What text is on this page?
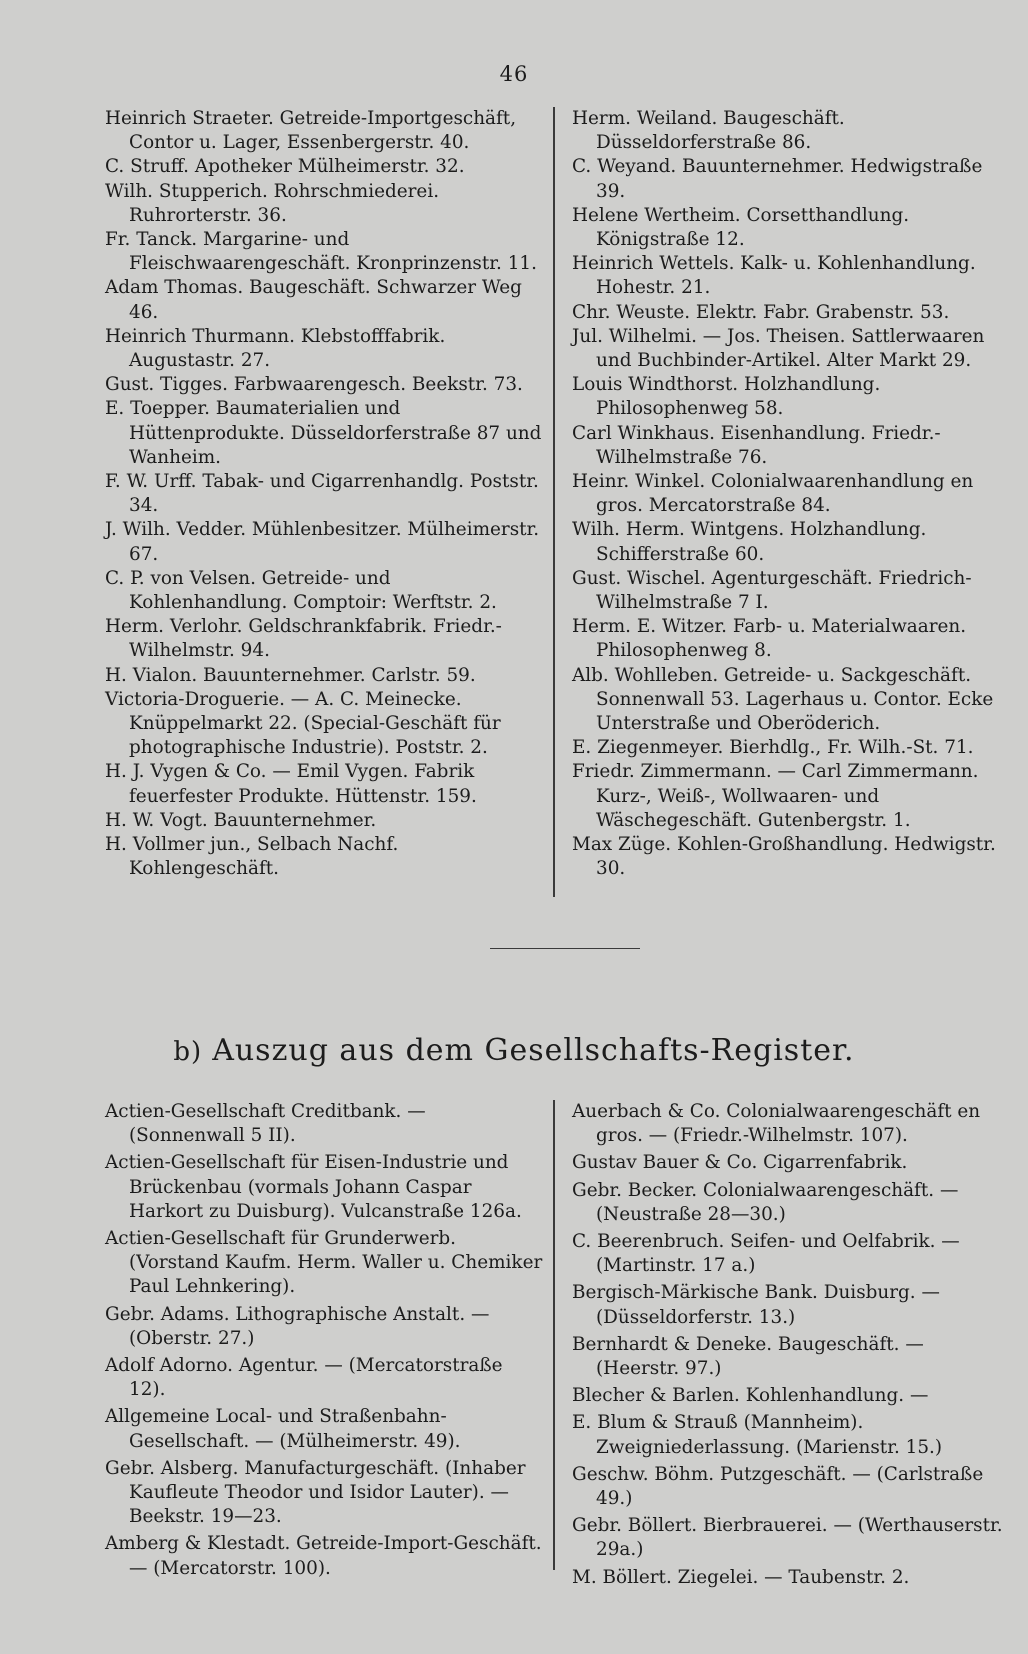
46

Heinrich Straeter. Getreide-Importgeschäft, Contor u. Lager, Essenbergerstr. 40.

C. Struff. Apotheker Mülheimerstr. 32.

Wilh. Stupperich. Rohrschmiederei. Ruhrorterstr. 36.

Fr. Tanck. Margarine- und Fleischwaarengeschäft. Kronprinzenstr. 11.

Adam Thomas. Baugeschäft. Schwarzer Weg 46.

Heinrich Thurmann. Klebstofffabrik. Augustastr. 27.

Gust. Tigges. Farbwaarengesch. Beekstr. 73.

E. Toepper. Baumaterialien und Hüttenprodukte. Düsseldorferstraße 87 und Wanheim.

F. W. Urff. Tabak- und Cigarrenhandlg. Poststr. 34.

J. Wilh. Vedder. Mühlenbesitzer. Mülheimerstr. 67.

C. P. von Velsen. Getreide- und Kohlenhandlung. Comptoir: Werftstr. 2.

Herm. Verlohr. Geldschrankfabrik. Friedr.-Wilhelmstr. 94.

H. Vialon. Bauunternehmer. Carlstr. 59.

Victoria-Droguerie. — A. C. Meinecke. Knüppelmarkt 22. (Special-Geschäft für photographische Industrie). Poststr. 2.

H. J. Vygen & Co. — Emil Vygen. Fabrik feuerfester Produkte. Hüttenstr. 159.

H. W. Vogt. Bauunternehmer.

H. Vollmer jun., Selbach Nachf. Kohlengeschäft.

Herm. Weiland. Baugeschäft. Düsseldorferstraße 86.

C. Weyand. Bauunternehmer. Hedwigstraße 39.

Helene Wertheim. Corsetthandlung. Königstraße 12.

Heinrich Wettels. Kalk- u. Kohlenhandlung. Hohestr. 21.

Chr. Weuste. Elektr. Fabr. Grabenstr. 53.

Jul. Wilhelmi. — Jos. Theisen. Sattlerwaaren und Buchbinder-Artikel. Alter Markt 29.

Louis Windthorst. Holzhandlung. Philosophenweg 58.

Carl Winkhaus. Eisenhandlung. Friedr.-Wilhelmstraße 76.

Heinr. Winkel. Colonialwaarenhandlung en gros. Mercatorstraße 84.

Wilh. Herm. Wintgens. Holzhandlung. Schifferstraße 60.

Gust. Wischel. Agenturgeschäft. Friedrich-Wilhelmstraße 7 I.

Herm. E. Witzer. Farb- u. Materialwaaren. Philosophenweg 8.

Alb. Wohlleben. Getreide- u. Sackgeschäft. Sonnenwall 53. Lagerhaus u. Contor. Ecke Unterstraße und Oberöderich.

E. Ziegenmeyer. Bierhdlg., Fr. Wilh.-St. 71.

Friedr. Zimmermann. — Carl Zimmermann. Kurz-, Weiß-, Wollwaaren- und Wäschegeschäft. Gutenbergstr. 1.

Max Züge. Kohlen-Großhandlung. Hedwigstr. 30.

b) Auszug aus dem Gesellschafts-Register.

Actien-Gesellschaft Creditbank. — (Sonnenwall 5 II).

Actien-Gesellschaft für Eisen-Industrie und Brückenbau (vormals Johann Caspar Harkort zu Duisburg). Vulcanstraße 126a.

Actien-Gesellschaft für Grunderwerb. (Vorstand Kaufm. Herm. Waller u. Chemiker Paul Lehnkering).

Gebr. Adams. Lithographische Anstalt. — (Oberstr. 27.)

Adolf Adorno. Agentur. — (Mercatorstraße 12).

Allgemeine Local- und Straßenbahn-Gesellschaft. — (Mülheimerstr. 49).

Gebr. Alsberg. Manufacturgeschäft. (Inhaber Kaufleute Theodor und Isidor Lauter). — Beekstr. 19—23.

Amberg & Klestadt. Getreide-Import-Geschäft. — (Mercatorstr. 100).

Auerbach & Co. Colonialwaarengeschäft en gros. — (Friedr.-Wilhelmstr. 107).

Gustav Bauer & Co. Cigarrenfabrik.

Gebr. Becker. Colonialwaarengeschäft. — (Neustraße 28—30.)

C. Beerenbruch. Seifen- und Oelfabrik. — (Martinstr. 17 a.)

Bergisch-Märkische Bank. Duisburg. — (Düsseldorferstr. 13.)

Bernhardt & Deneke. Baugeschäft. — (Heerstr. 97.)

Blecher & Barlen. Kohlenhandlung. —

E. Blum & Strauß (Mannheim). Zweigniederlassung. (Marienstr. 15.)

Geschw. Böhm. Putzgeschäft. — (Carlstraße 49.)

Gebr. Böllert. Bierbrauerei. — (Werthauserstr. 29a.)

M. Böllert. Ziegelei. — Taubenstr. 2.
